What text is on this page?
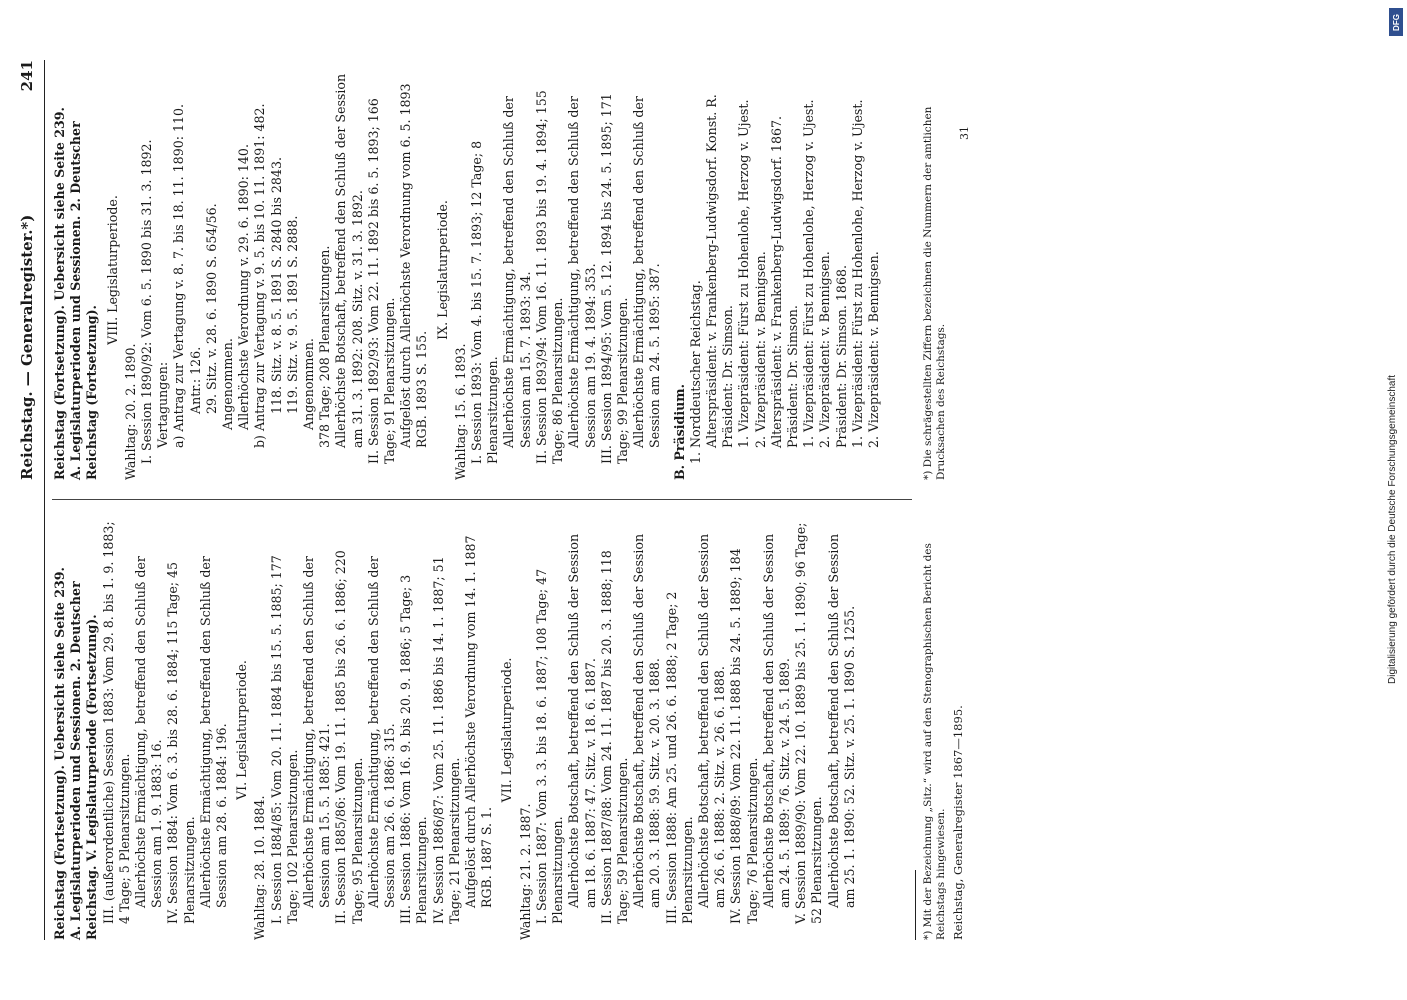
Reichstag. — Generalregister.*)
241

Reichstag (Fortsetzung). Uebersicht siehe Seite 239. A. Legislaturperioden und Sessionen. 2. Deutscher Reichstag. V. Legislaturperiode (Fortsetzung). III. (außerordentliche) Session 1883: Vom 29. 8. bis 1. 9. 1883; 4 Tage; 5 Plenarsitzungen. Allerhöchste Ermächtigung, betreffend den Schluß der Session am 1. 9. 1883: 16. IV. Session 1884: Vom 6. 3. bis 28. 6. 1884; 115 Tage; 45 Plenarsitzungen. Allerhöchste Ermächtigung, betreffend den Schluß der Session am 28. 6. 1884: 196. VI. Legislaturperiode.

Wahltag: 28. 10. 1884. I. Session 1884/85: Vom 20. 11. 1884 bis 15. 5. 1885; 177 Tage; 102 Plenarsitzungen. Allerhöchste Ermächtigung, betreffend den Schluß der Session am 15. 5. 1885: 421. II. Session 1885/86: Vom 19. 11. 1885 bis 26. 6. 1886; 220 Tage; 95 Plenarsitzungen. Allerhöchste Ermächtigung, betreffend den Schluß der Session am 26. 6. 1886: 315. III. Session 1886: Vom 16. 9. bis 20. 9. 1886; 5 Tage; 3 Plenarsitzungen. IV. Session 1886/87: Vom 25. 11. 1886 bis 14. 1. 1887; 51 Tage; 21 Plenarsitzungen. Aufgelöst durch Allerhöchste Verordnung vom 14. 1. 1887 RGB. 1887 S. 1.

VII. Legislaturperiode.

Wahltag: 21. 2. 1887. I. Session 1887: Vom 3. 3. bis 18. 6. 1887; 108 Tage; 47 Plenarsitzungen. Allerhöchste Botschaft, betreffend den Schluß der Session am 18. 6. 1887: 47. Sitz. v. 18. 6. 1887. II. Session 1887/88: Vom 24. 11. 1887 bis 20. 3. 1888; 118 Tage; 59 Plenarsitzungen. Allerhöchste Botschaft, betreffend den Schluß der Session am 20. 3. 1888: 59. Sitz. v. 20. 3. 1888. III. Session 1888: Am 25. und 26. 6. 1888; 2 Tage; 2 Plenarsitzungen. Allerhöchste Botschaft, betreffend den Schluß der Session am 26. 6. 1888: 2. Sitz. v. 26. 6. 1888. IV. Session 1888/89: Vom 22. 11. 1888 bis 24. 5. 1889; 184 Tage; 76 Plenarsitzungen. Allerhöchste Botschaft, betreffend den Schluß der Session am 24. 5. 1889: 76. Sitz. v. 24. 5. 1889. V. Session 1889/90: Vom 22. 10. 1889 bis 25. 1. 1890; 96 Tage; 52 Plenarsitzungen. Allerhöchste Botschaft, betreffend den Schluß der Session am 25. 1. 1890: 52. Sitz. v. 25. 1. 1890 S. 1255.

Reichstag (Fortsetzung). Uebersicht siehe Seite 239. A. Legislaturperioden und Sessionen. 2. Deutscher Reichstag (Fortsetzung).

VIII. Legislaturperiode.

Wahltag: 20. 2. 1890. I. Session 1890/92: Vom 6. 5. 1890 bis 31. 3. 1892. Vertagungen: a) Antrag zur Vertagung v. 8. 7. bis 18. 11. 1890: 110. Antr.: 126. 29. Sitz. v. 28. 6. 1890 S. 654/56. Angenommen. Allerhöchste Verordnung v. 29. 6. 1890: 140. b) Antrag zur Vertagung v. 9. 5. bis 10. 11. 1891: 482. 118. Sitz. v. 8. 5. 1891 S. 2840 bis 2843. 119. Sitz. v. 9. 5. 1891 S. 2888. Angenommen. 378 Tage; 208 Plenarsitzungen. Allerhöchste Botschaft, betreffend den Schluß der Session am 31. 3. 1892: 208. Sitz. v. 31. 3. 1892. II. Session 1892/93: Vom 22. 11. 1892 bis 6. 5. 1893; 166 Tage; 91 Plenarsitzungen. Aufgelöst durch Allerhöchste Verordnung vom 6. 5. 1893 RGB. 1893 S. 155.

IX. Legislaturperiode.

Wahltag: 15. 6. 1893. I. Session 1893: Vom 4. bis 15. 7. 1893; 12 Tage; 8 Plenarsitzungen. Allerhöchste Ermächtigung, betreffend den Schluß der Session am 15. 7. 1893: 34. II. Session 1893/94: Vom 16. 11. 1893 bis 19. 4. 1894; 155 Tage; 86 Plenarsitzungen. Allerhöchste Ermächtigung, betreffend den Schluß der Session am 19. 4. 1894: 353. III. Session 1894/95: Vom 5. 12. 1894 bis 24. 5. 1895; 171 Tage; 99 Plenarsitzungen. Allerhöchste Ermächtigung, betreffend den Schluß der Session am 24. 5. 1895: 387. B. Präsidium. 1. Norddeutscher Reichstag. Alterspräsident: v. Frankenberg-Ludwigsdorf. Konst. R. Präsident: Dr. Simson. 1. Vizepräsident: Fürst zu Hohenlohe, Herzog v. Ujest. 2. Vizepräsident: v. Bennigsen. Alterspräsident: v. Frankenberg-Ludwigsdorf. 1867. Präsident: Dr. Simson. 1. Vizepräsident: Fürst zu Hohenlohe, Herzog v. Ujest. 2. Vizepräsident: v. Bennigsen. Präsident: Dr. Simson. 1868. 1. Vizepräsident: Fürst zu Hohenlohe, Herzog v. Ujest. 2. Vizepräsident: v. Bennigsen.

*) Mit der Bezeichnung „Sitz.“ wird auf den Stenographischen Bericht des Reichstags hingewiesen. Reichstag, Generalregister 1867—1895.
*) Die schrägestellten Ziffern bezeichnen die Nummern der amtlichen Drucksachen des Reichstags.
31
Digitalisierung gefördert durch die Deutsche Forschungsgemeinschaft
DFG
